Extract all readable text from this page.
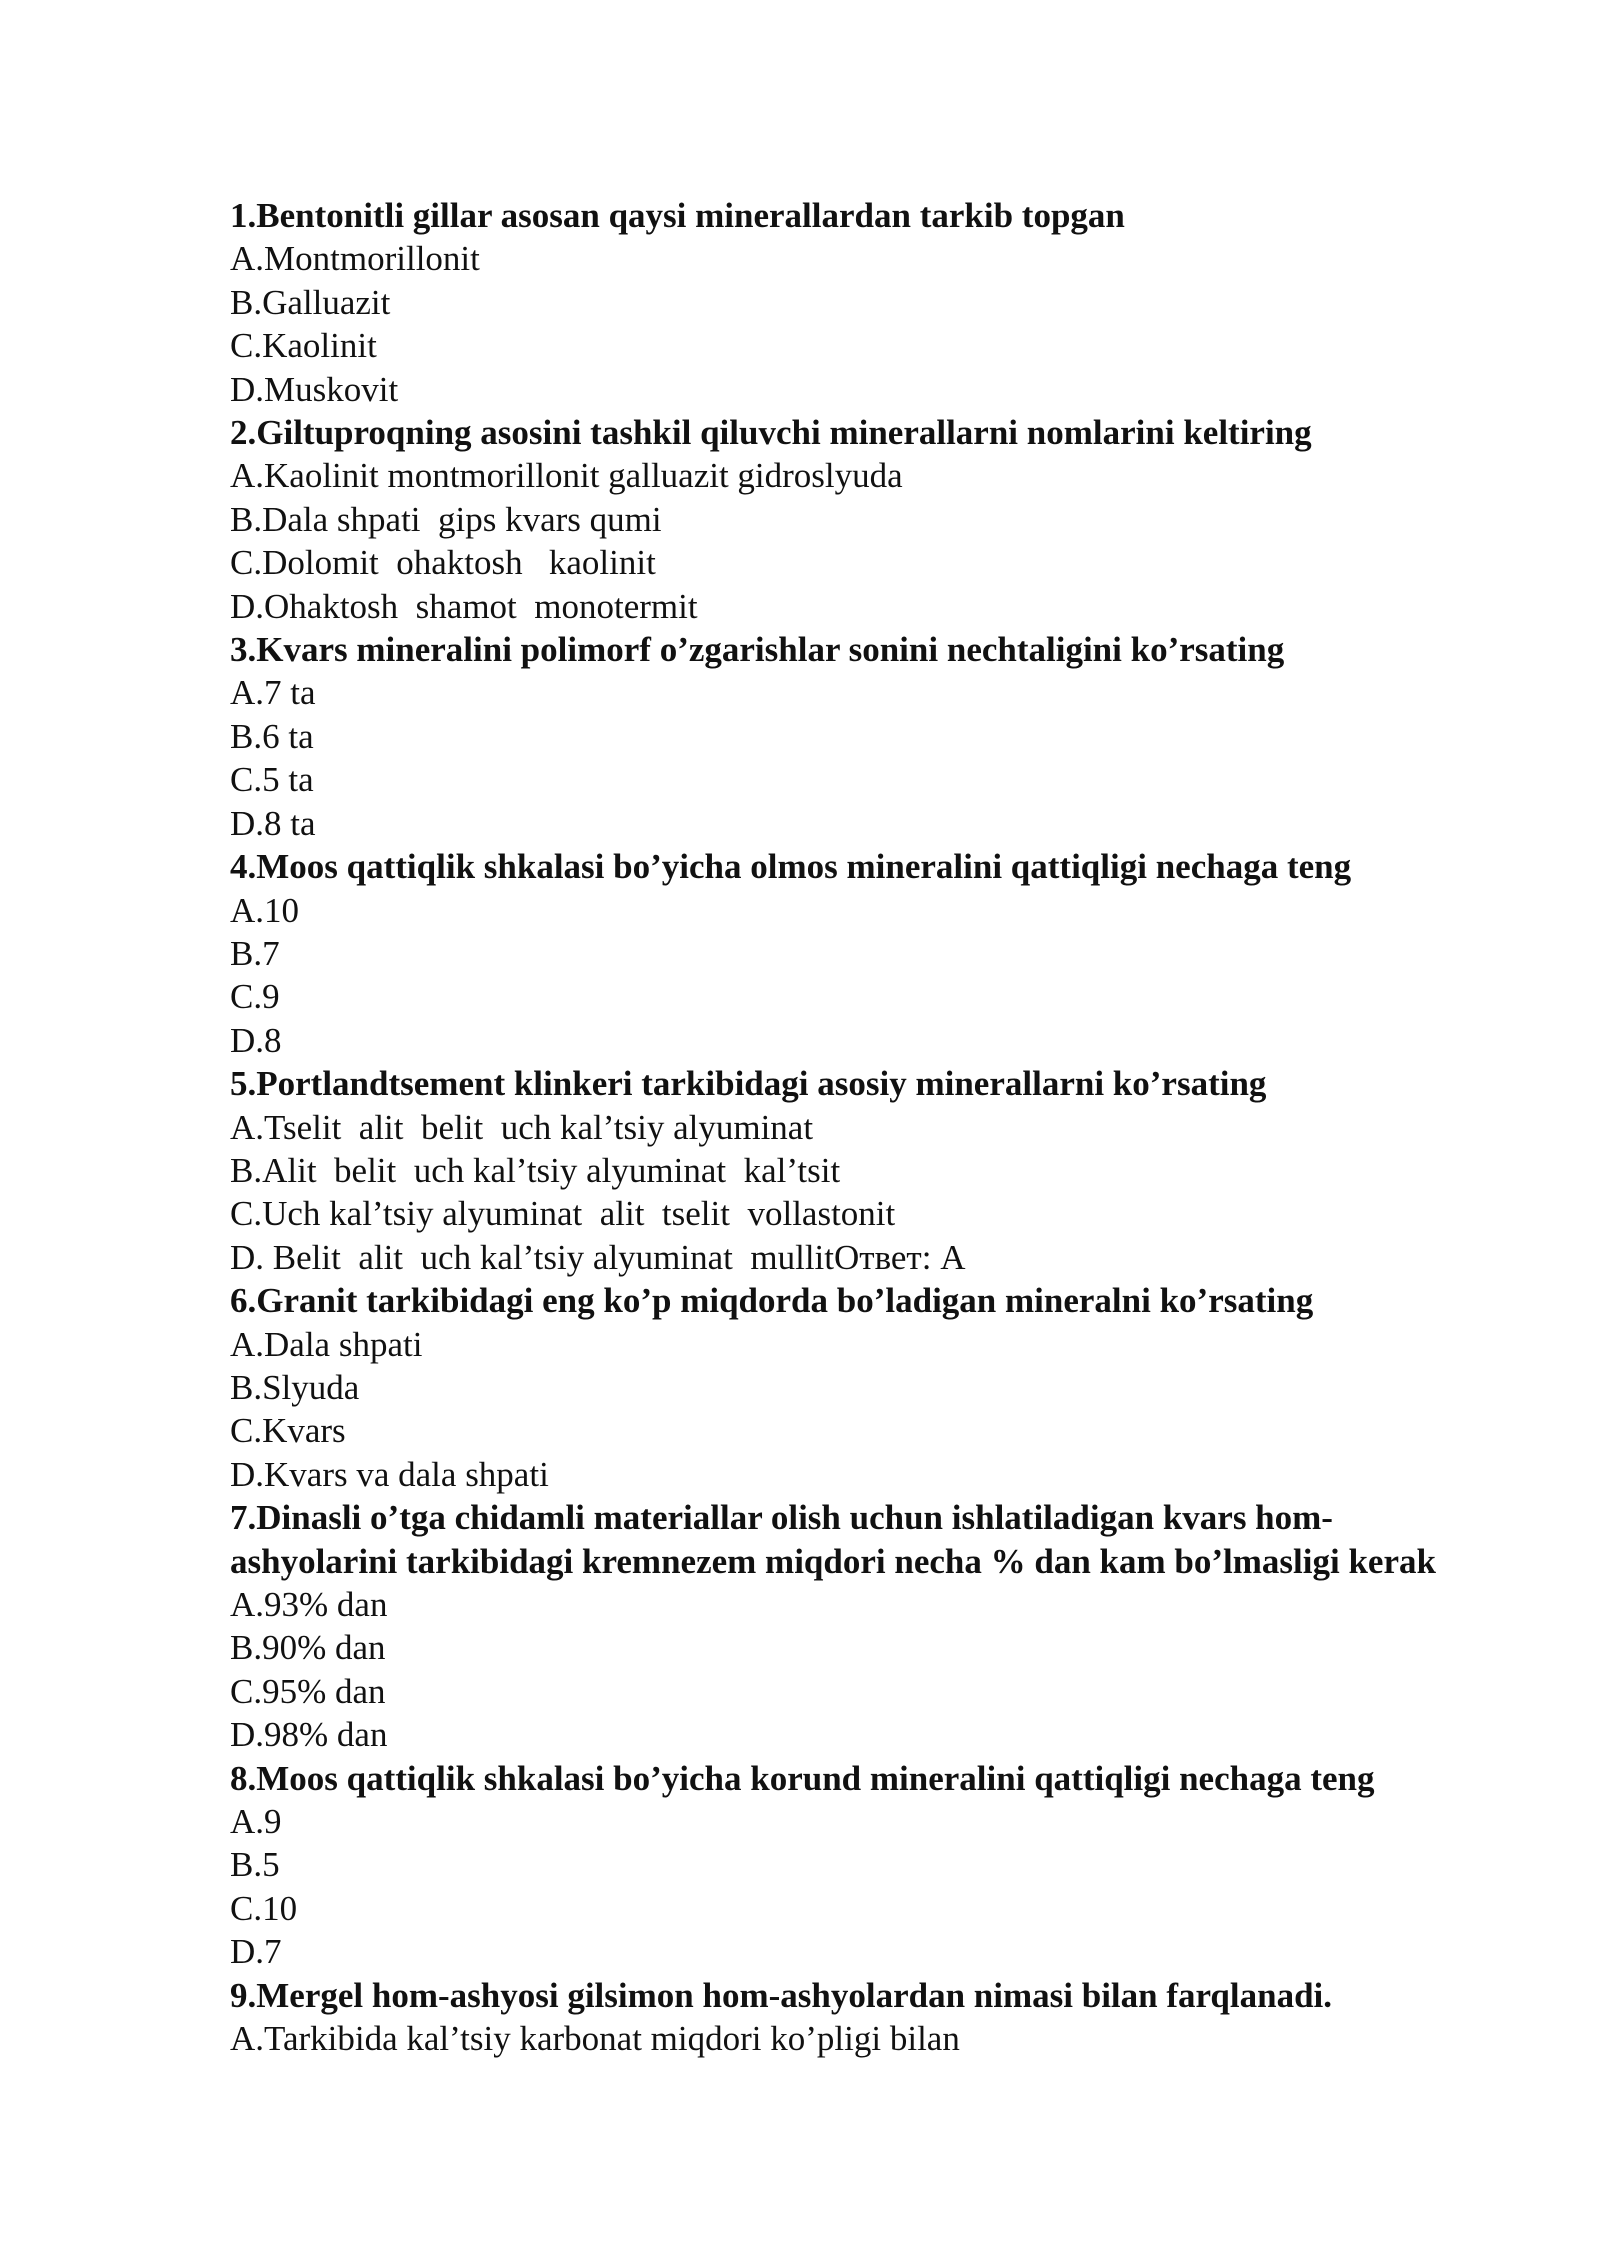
1.Bentonitli gillar asosan qaysi minerallardan tarkib topgan
A.Montmorillonit
B.Galluazit
C.Kaolinit
D.Muskovit
2.Giltuproqning asosini tashkil qiluvchi minerallarni nomlarini keltiring
A.Kaolinit montmorillonit galluazit gidroslyuda
B.Dala shpati  gips kvars qumi
C.Dolomit  ohaktosh   kaolinit
D.Ohaktosh  shamot  monotermit
3.Kvars mineralini polimorf o’zgarishlar sonini nechtaligini ko’rsating
A.7 ta
B.6 ta
C.5 ta
D.8 ta
4.Moos qattiqlik shkalasi bo’yicha olmos mineralini qattiqligi nechaga teng
A.10
B.7
C.9
D.8
5.Portlandtsement klinkeri tarkibidagi asosiy minerallarni ko’rsating
A.Tselit  alit  belit  uch kal’tsiy alyuminat
B.Alit  belit  uch kal’tsiy alyuminat  kal’tsit
C.Uch kal’tsiy alyuminat  alit  tselit  vollastonit
D. Belit  alit  uch kal’tsiy alyuminat  mullitОтвет: A
6.Granit tarkibidagi eng ko’p miqdorda bo’ladigan mineralni ko’rsating
A.Dala shpati
B.Slyuda
C.Kvars
D.Kvars va dala shpati
7.Dinasli o’tga chidamli materiallar olish uchun ishlatiladigan kvars hom-ashyolarini tarkibidagi kremnezem miqdori necha % dan kam bo’lmasligi kerak
A.93% dan
B.90% dan
C.95% dan
D.98% dan
8.Moos qattiqlik shkalasi bo’yicha korund mineralini qattiqligi nechaga teng
A.9
B.5
C.10
D.7
9.Mergel hom-ashyosi gilsimon hom-ashyolardan nimasi bilan farqlanadi.
A.Tarkibida kal’tsiy karbonat miqdori ko’pligi bilan
